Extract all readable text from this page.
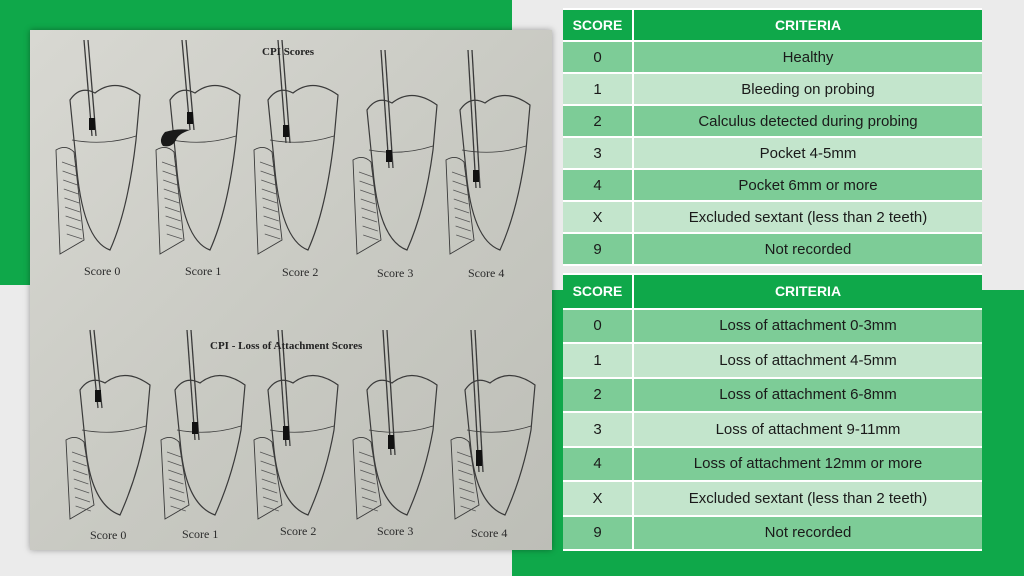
CPI Scores
CPI - Loss of Attachment Scores
Score 0	Score 1	Score 2	Score 3	Score 4
Score 0	Score 1	Score 2	Score 3	Score 4
SCORE	CRITERIA
0	Healthy
1	Bleeding on probing
2	Calculus detected during probing
3	Pocket 4-5mm
4	Pocket 6mm or more
X	Excluded sextant (less than 2 teeth)
9	Not recorded
SCORE	CRITERIA
0	Loss of attachment 0-3mm
1	Loss of attachment 4-5mm
2	Loss of attachment 6-8mm
3	Loss of attachment 9-11mm
4	Loss of attachment 12mm or more
X	Excluded sextant (less than 2 teeth)
9	Not recorded
